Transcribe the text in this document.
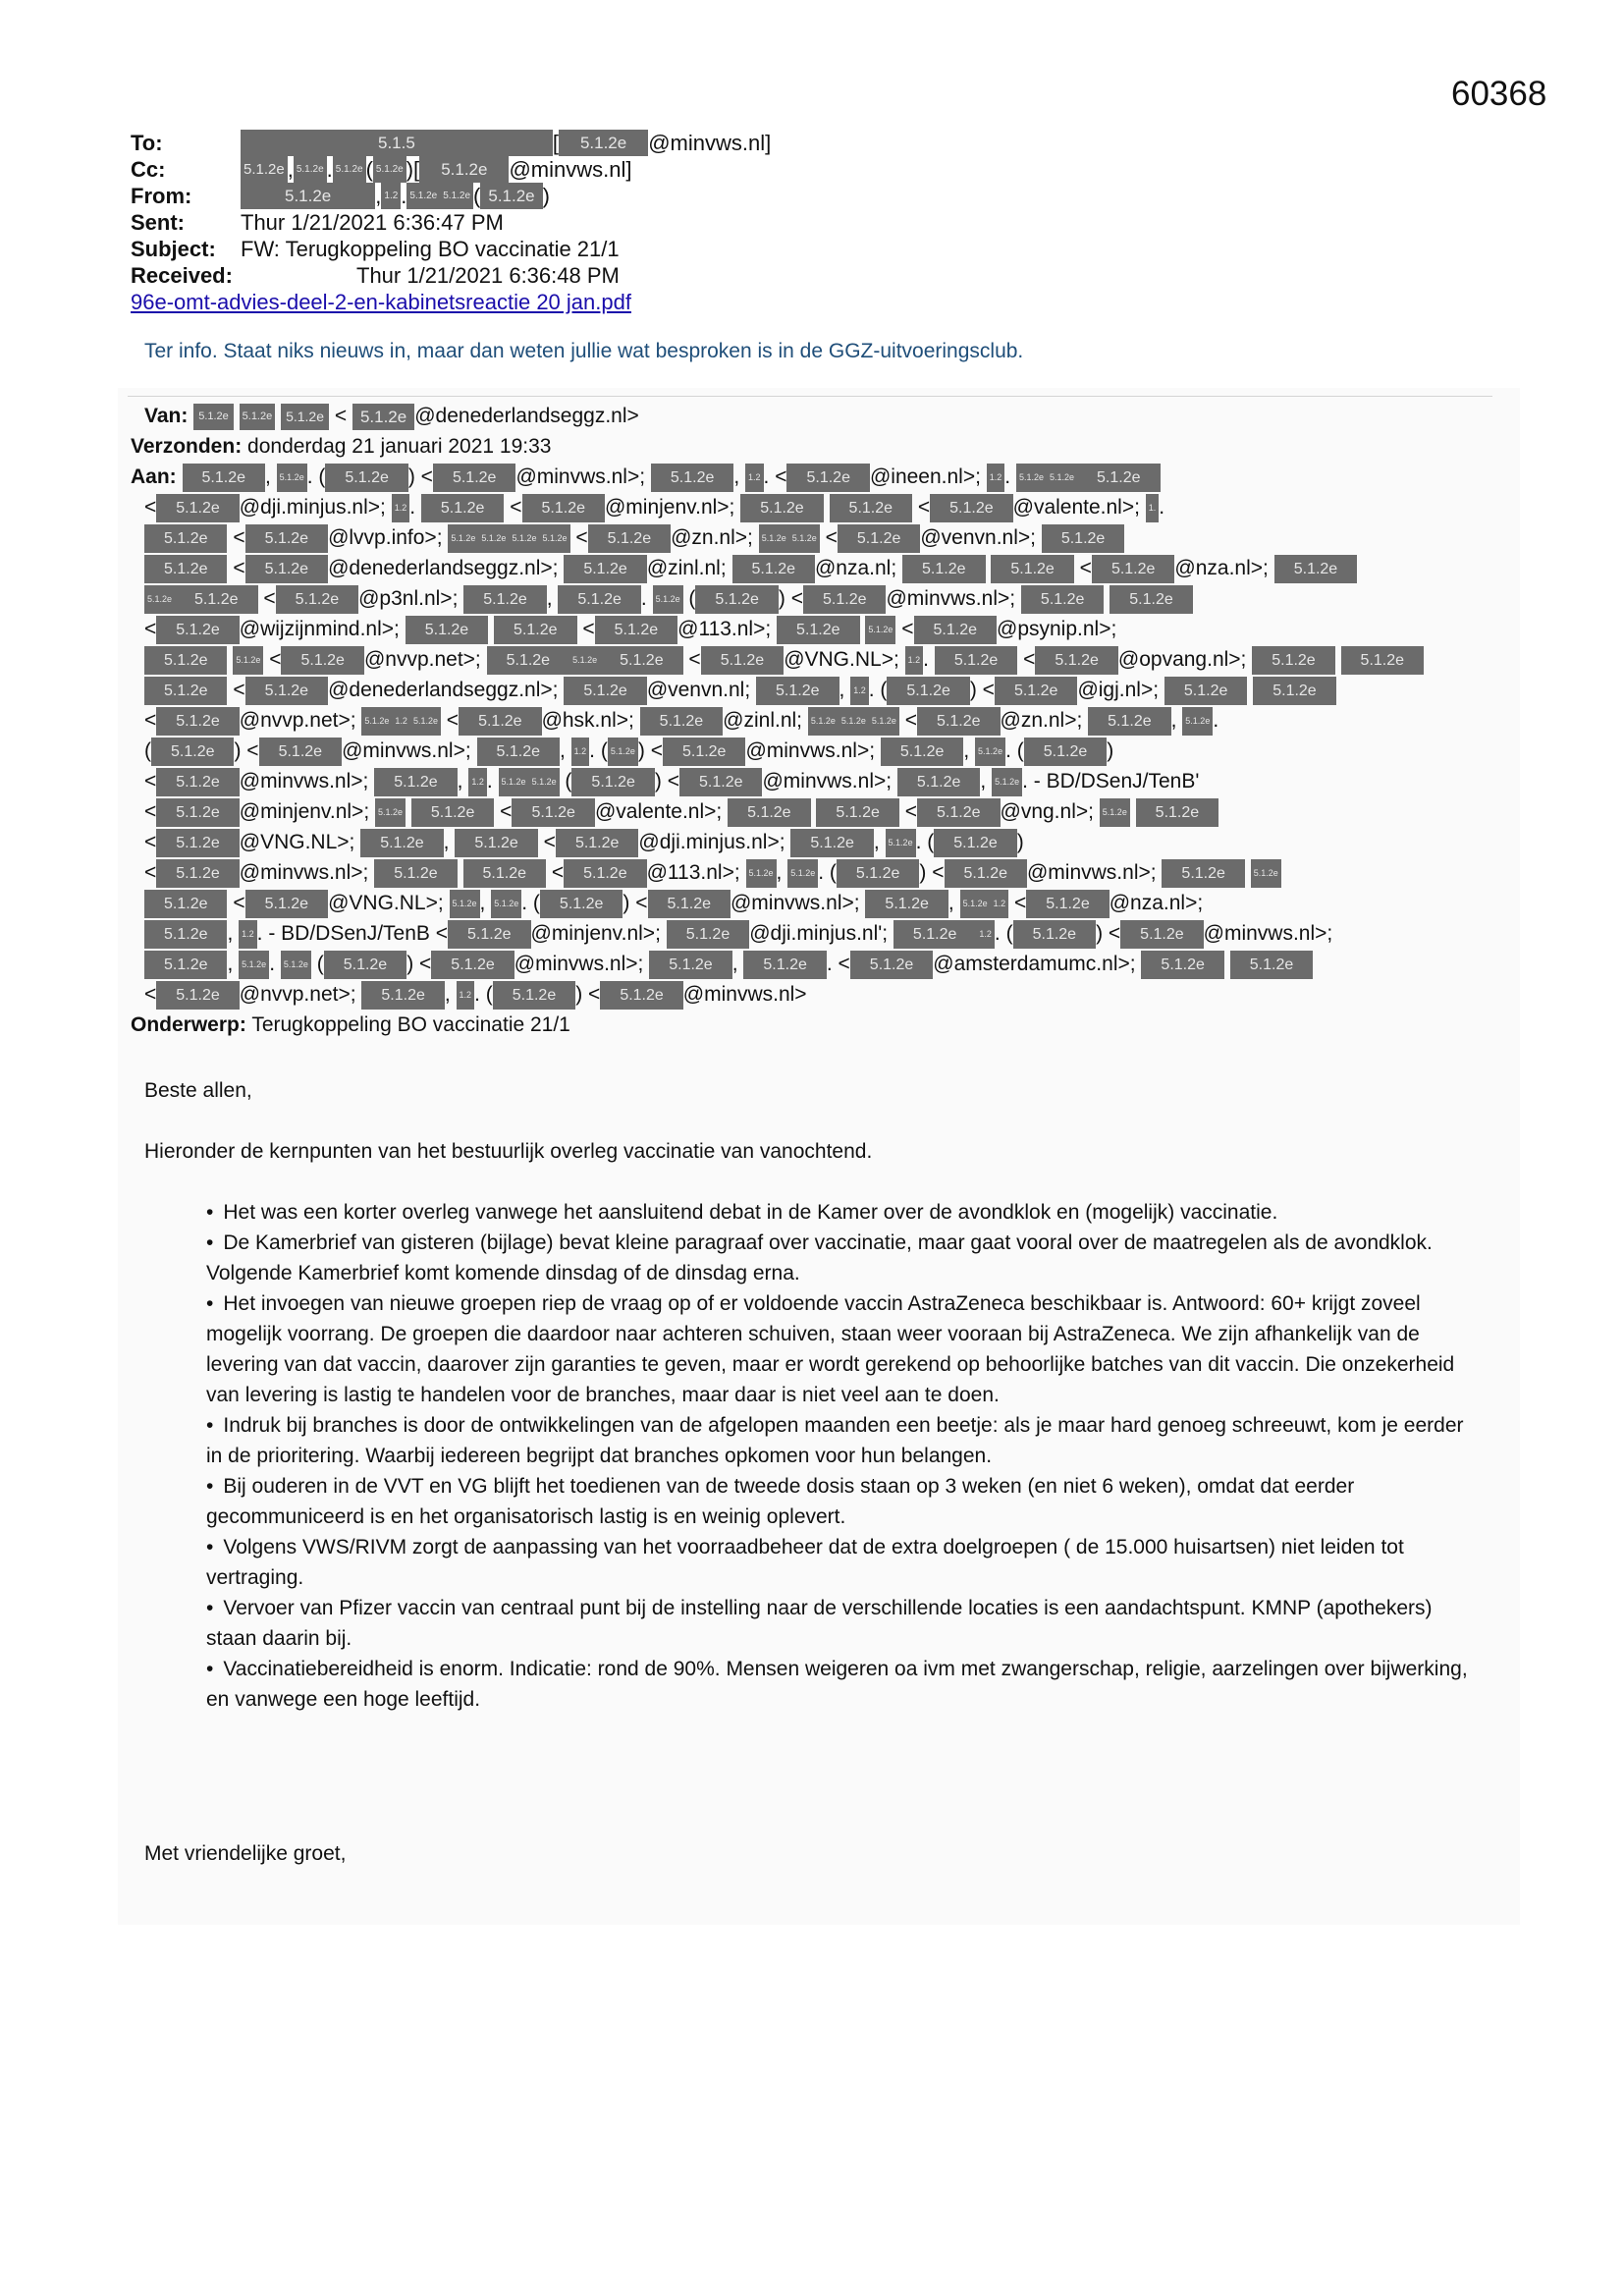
60368
To:	5.1.5	[	5.1.2e	@minvws.nl]
Cc:	5.1.2e , 5.1.2e . 5.1.2e ( 5.1.2e )[	5.1.2e	@minvws.nl]
From:	5.1.2e	, 1.2 . 5.1.2e 5.1.2e ( 5.1.2e )
Sent:	Thur 1/21/2021 6:36:47 PM
Subject:	FW: Terugkoppeling BO vaccinatie 21/1
Received:	Thur 1/21/2021 6:36:48 PM
96e-omt-advies-deel-2-en-kabinetsreactie 20 jan.pdf
Ter info. Staat niks nieuws in, maar dan weten jullie wat besproken is in de GGZ-uitvoeringsclub.
Van: 5.1.2e 5.1.2e 5.1.2e < 5.1.2e @denederlandseggz.nl>
Verzonden: donderdag 21 januari 2021 19:33
Aan: 5.1.2e , 5.1.2e . ( 5.1.2e ) < 5.1.2e @minvws.nl>; 5.1.2e , 1.2 . < 5.1.2e @ineen.nl>; 1.2 . 5.1.2e 5.1.2e 5.1.2e
< 5.1.2e @dji.minjus.nl>; 1.2 . 5.1.2e < 5.1.2e @minjenv.nl>; 5.1.2e	5.1.2e < 5.1.2e @valente.nl>; 1. .
5.1.2e < 5.1.2e @lvvp.info>; 5.1.2e 5.1.2e 5.1.2e 5.1.2e < 5.1.2e @zn.nl>; 5.1.2e 5.1.2e < 5.1.2e @venvn.nl>; 5.1.2e
5.1.2e < 5.1.2e @denederlandseggz.nl>; 5.1.2e @zinl.nl; 5.1.2e @nza.nl; 5.1.2e	5.1.2e < 5.1.2e @nza.nl>; 5.1.2e
5.1.2e 5.1.2e < 5.1.2e @p3nl.nl>; 5.1.2e , 5.1.2e . 5.1.2e ( 5.1.2e ) < 5.1.2e @minvws.nl>; 5.1.2e	5.1.2e
< 5.1.2e @wijzijnmind.nl>; 5.1.2e	5.1.2e < 5.1.2e @113.nl>; 5.1.2e	5.1.2e < 5.1.2e @psynip.nl>;
5.1.2e	5.1.2e < 5.1.2e @nvvp.net>; 5.1.2e	5.1.2e 5.1.2e < 5.1.2e @VNG.NL>; 1.2 . 5.1.2e < 5.1.2e @opvang.nl>; 5.1.2e	5.1.2e
5.1.2e < 5.1.2e @denederlandseggz.nl>; 5.1.2e @venvn.nl; 5.1.2e , 1.2 . ( 5.1.2e ) < 5.1.2e @igj.nl>; 5.1.2e	5.1.2e
< 5.1.2e @nvvp.net>; 5.1.2e 1.2 5.1.2e < 5.1.2e @hsk.nl>; 5.1.2e @zinl.nl; 5.1.2e 5.1.2e 5.1.2e < 5.1.2e @zn.nl>; 5.1.2e , 5.1.2e .
( 5.1.2e ) < 5.1.2e @minvws.nl>; 5.1.2e , 1.2 . ( 5.1.2e ) < 5.1.2e @minvws.nl>; 5.1.2e , 5.1.2e . ( 5.1.2e )
< 5.1.2e @minvws.nl>; 5.1.2e , 1.2 . 5.1.2e 5.1.2e ( 5.1.2e ) < 5.1.2e @minvws.nl>; 5.1.2e , 5.1.2e . - BD/DSenJ/TenB'
< 5.1.2e @minjenv.nl>; 5.1.2e 5.1.2e < 5.1.2e @valente.nl>; 5.1.2e	5.1.2e < 5.1.2e @vng.nl>; 5.1.2e 5.1.2e
< 5.1.2e @VNG.NL>; 5.1.2e , 5.1.2e < 5.1.2e @dji.minjus.nl>; 5.1.2e , 5.1.2e . ( 5.1.2e )
< 5.1.2e @minvws.nl>; 5.1.2e	5.1.2e < 5.1.2e @113.nl>; 5.1.2e , 5.1.2e . ( 5.1.2e ) < 5.1.2e @minvws.nl>; 5.1.2e	5.1.2e
5.1.2e < 5.1.2e @VNG.NL>; 5.1.2e , 5.1.2e . ( 5.1.2e ) < 5.1.2e @minvws.nl>; 5.1.2e , 5.1.2e 1.2 < 5.1.2e @nza.nl>;
5.1.2e , 1.2 . - BD/DSenJ/TenB < 5.1.2e @minjenv.nl>; 5.1.2e @dji.minjus.nl'; 5.1.2e	1.2 . ( 5.1.2e ) < 5.1.2e @minvws.nl>;
5.1.2e , 5.1.2e . 5.1.2e ( 5.1.2e ) < 5.1.2e @minvws.nl>; 5.1.2e , 5.1.2e . < 5.1.2e @amsterdamumc.nl>; 5.1.2e	5.1.2e
< 5.1.2e @nvvp.net>; 5.1.2e , 1.2 . ( 5.1.2e ) < 5.1.2e @minvws.nl>
Onderwerp: Terugkoppeling BO vaccinatie 21/1

Beste allen,

Hieronder de kernpunten van het bestuurlijk overleg vaccinatie van vanochtend.

• Het was een korter overleg vanwege het aansluitend debat in de Kamer over de avondklok en (mogelijk) vaccinatie.
• De Kamerbrief van gisteren (bijlage) bevat kleine paragraaf over vaccinatie, maar gaat vooral over de maatregelen als de avondklok. Volgende Kamerbrief komt komende dinsdag of de dinsdag erna.
• Het invoegen van nieuwe groepen riep de vraag op of er voldoende vaccin AstraZeneca beschikbaar is. Antwoord: 60+ krijgt zoveel mogelijk voorrang. De groepen die daardoor naar achteren schuiven, staan weer vooraan bij AstraZeneca. We zijn afhankelijk van de levering van dat vaccin, daarover zijn garanties te geven, maar er wordt gerekend op behoorlijke batches van dit vaccin. Die onzekerheid van levering is lastig te handelen voor de branches, maar daar is niet veel aan te doen.
• Indruk bij branches is door de ontwikkelingen van de afgelopen maanden een beetje: als je maar hard genoeg schreeuwt, kom je eerder in de prioritering. Waarbij iedereen begrijpt dat branches opkomen voor hun belangen.
• Bij ouderen in de VVT en VG blijft het toedienen van de tweede dosis staan op 3 weken (en niet 6 weken), omdat dat eerder gecommuniceerd is en het organisatorisch lastig is en weinig oplevert.
• Volgens VWS/RIVM zorgt de aanpassing van het voorraadbeheer dat de extra doelgroepen ( de 15.000 huisartsen) niet leiden tot vertraging.
• Vervoer van Pfizer vaccin van centraal punt bij de instelling naar de verschillende locaties is een aandachtspunt. KMNP (apothekers) staan daarin bij.
• Vaccinatiebereidheid is enorm. Indicatie: rond de 90%. Mensen weigeren oa ivm met zwangerschap, religie, aarzelingen over bijwerking, en vanwege een hoge leeftijd.
Met vriendelijke groet,
